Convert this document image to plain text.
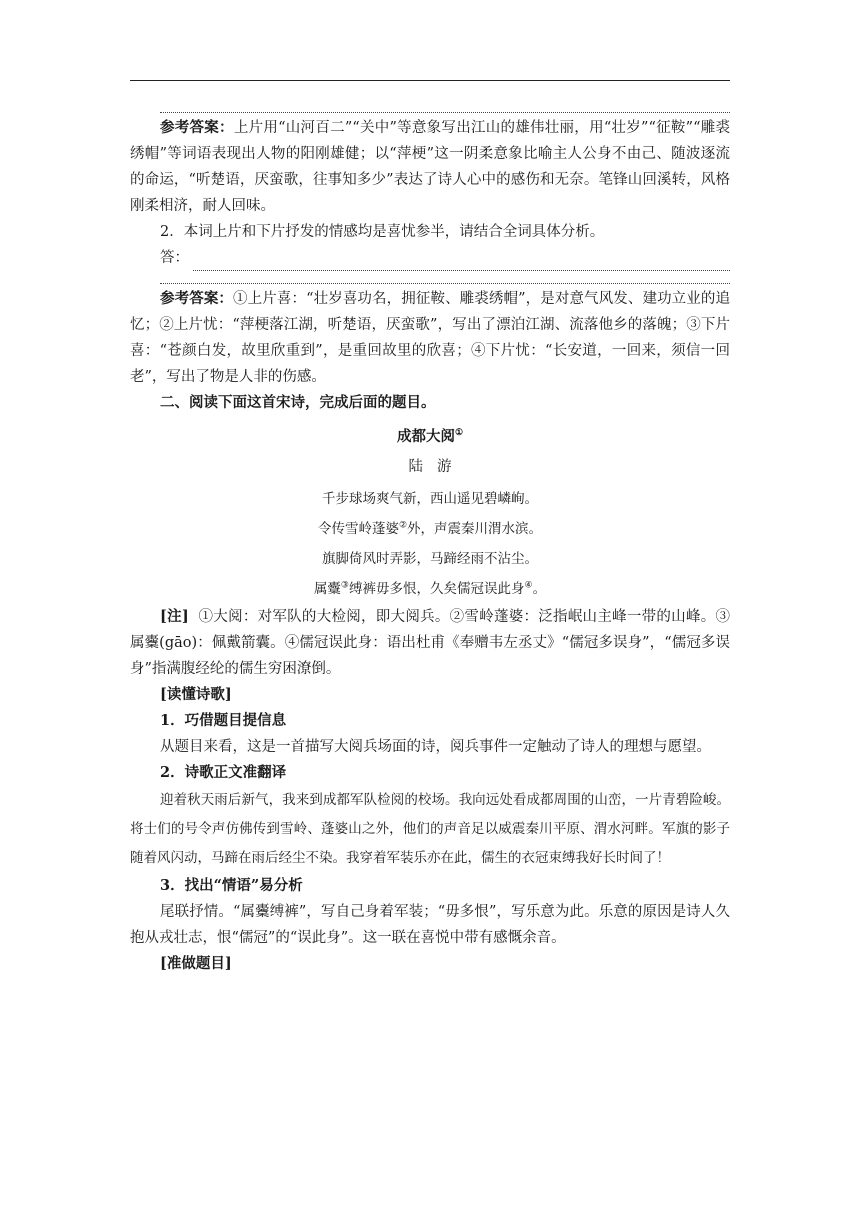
参考答案：上片用“山河百二”“关中”等意象写出江山的雄伟壮丽，用“壮岁”“征鞍”“雕裘绣帽”等词语表现出人物的阳刚雄健；以“萍梗”这一阴柔意象比喻主人公身不由己、随波逐流的命运，“听楚语，厌蛮歌，往事知多少”表达了诗人心中的感伤和无奈。笔锋山回溪转，风格刚柔相济，耐人回味。

2．本词上片和下片抒发的情感均是喜忧参半，请结合全词具体分析。

答：

参考答案：①上片喜：“壮岁喜功名，拥征鞍、雕裘绣帽”，是对意气风发、建功立业的追忆；②上片忧：“萍梗落江湖，听楚语，厌蛮歌”，写出了漂泊江湖、流落他乡的落魄；③下片喜：“苍颜白发，故里欣重到”，是重回故里的欣喜；④下片忧：“长安道，一回来，须信一回老”，写出了物是人非的伤感。

二、阅读下面这首宋诗，完成后面的题目。

成都大阅①

陆游

千步球场爽气新，西山遥见碧嶙峋。

令传雪岭蓬婆②外，声震秦川渭水滨。

旗脚倚风时弄影，马蹄经雨不沾尘。

属櫜③缚裤毋多恨，久矣儒冠误此身④。

[注] ①大阅：对军队的大检阅，即大阅兵。②雪岭蓬婆：泛指岷山主峰一带的山峰。③属櫜(gāo)：佩戴箭囊。④儒冠误此身：语出杜甫《奉赠韦左丞丈》“儒冠多误身”，“儒冠多误身”指满腹经纶的儒生穷困潦倒。

[读懂诗歌]

1．巧借题目提信息

从题目来看，这是一首描写大阅兵场面的诗，阅兵事件一定触动了诗人的理想与愿望。

2．诗歌正文准翻译

迎着秋天雨后新气，我来到成都军队检阅的校场。我向远处看成都周围的山峦，一片青碧险峻。将士们的号令声仿佛传到雪岭、蓬婆山之外，他们的声音足以威震秦川平原、渭水河畔。军旗的影子随着风闪动，马蹄在雨后经尘不染。我穿着军装乐亦在此，儒生的衣冠束缚我好长时间了！

3．找出“情语”易分析

尾联抒情。“属櫜缚裤”，写自己身着军装；“毋多恨”，写乐意为此。乐意的原因是诗人久抱从戎壮志，恨“儒冠”的“误此身”。这一联在喜悦中带有感慨余音。

[准做题目]
